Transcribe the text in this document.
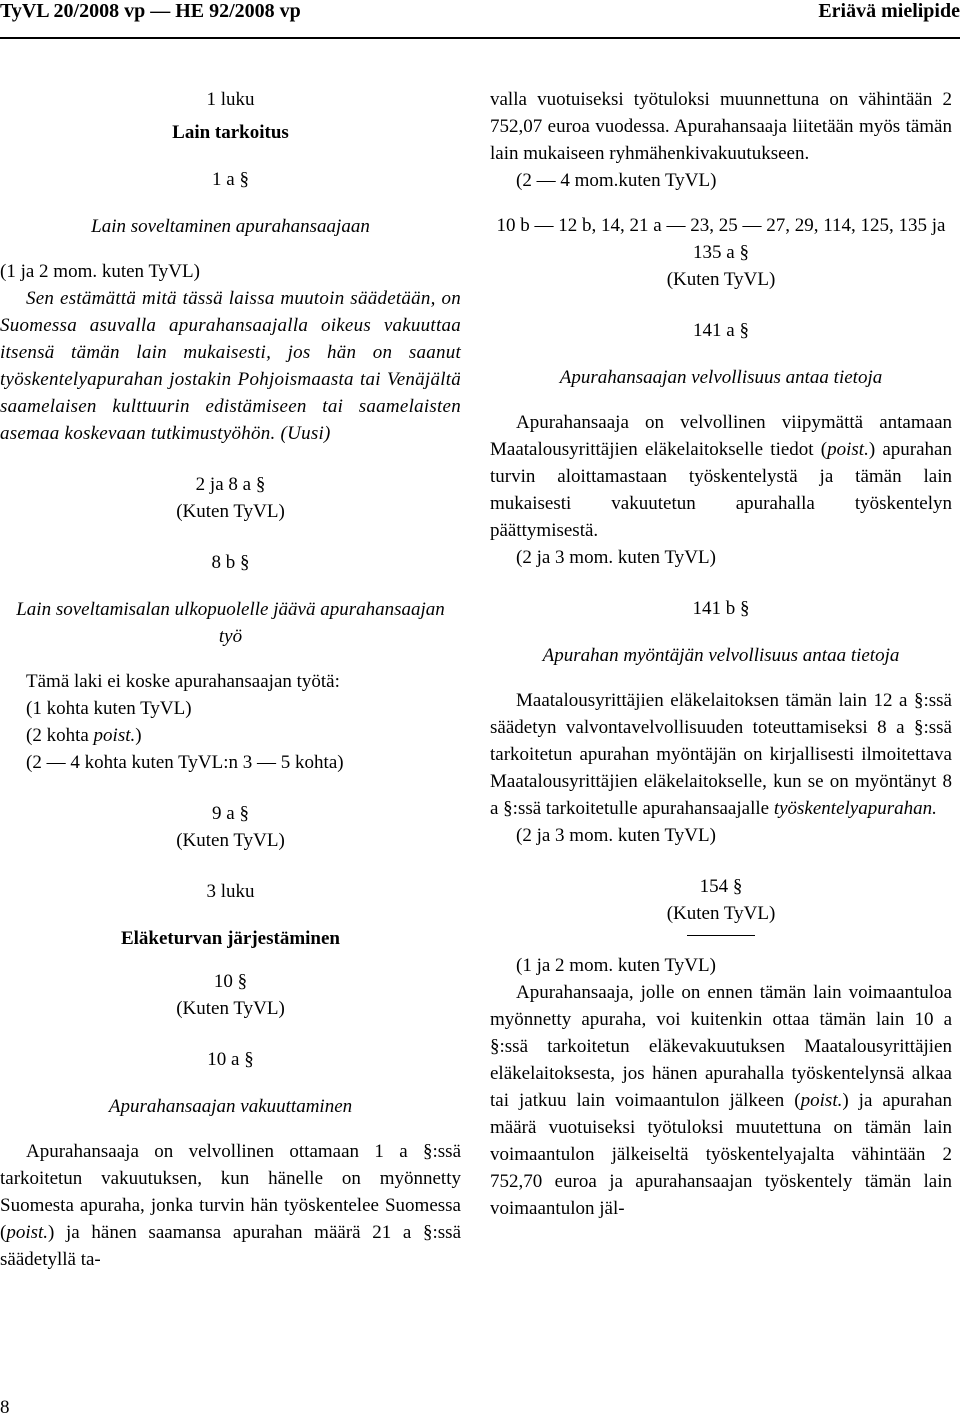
TyVL 20/2008 vp — HE 92/2008 vp	Eriävä mielipide
1 luku
Lain tarkoitus
1 a §
Lain soveltaminen apurahansaajaan
(1 ja 2 mom. kuten TyVL)
Sen estämättä mitä tässä laissa muutoin säädetään, on Suomessa asuvalla apurahansaajalla oikeus vakuuttaa itsensä tämän lain mukaisesti, jos hän on saanut työskentelyapurahan jostakin Pohjoismaasta tai Venäjältä saamelaisen kulttuurin edistämiseen tai saamelaisten asemaa koskevaan tutkimustyöhön. (Uusi)
2 ja 8 a §
(Kuten TyVL)
8 b §
Lain soveltamisalan ulkopuolelle jäävä apurahansaajan työ
Tämä laki ei koske apurahansaajan työtä:
(1 kohta kuten TyVL)
(2 kohta poist.)
(2 — 4 kohta kuten TyVL:n 3 — 5 kohta)
9 a §
(Kuten TyVL)
3 luku
Eläketurvan järjestäminen
10 §
(Kuten TyVL)
10 a §
Apurahansaajan vakuuttaminen
Apurahansaaja on velvollinen ottamaan 1 a §:ssä tarkoitetun vakuutuksen, kun hänelle on myönnetty Suomesta apuraha, jonka turvin hän työskentelee Suomessa (poist.) ja hänen saamansa apurahan määrä 21 a §:ssä säädetyllä ta-
valla vuotuiseksi työtuloksi muunnettuna on vähintään 2 752,07 euroa vuodessa. Apurahansaaja liitetään myös tämän lain mukaiseen ryhmähenkivakuutukseen.
(2 — 4 mom.kuten TyVL)
10 b — 12 b, 14, 21 a — 23, 25 — 27, 29, 114, 125, 135 ja 135 a §
(Kuten TyVL)
141 a §
Apurahansaajan velvollisuus antaa tietoja
Apurahansaaja on velvollinen viipymättä antamaan Maatalousyrittäjien eläkelaitokselle tiedot (poist.) apurahan turvin aloittamastaan työskentelystä ja tämän lain mukaisesti vakuutetun apurahalla työskentelyn päättymisestä.
(2 ja 3 mom. kuten TyVL)
141 b §
Apurahan myöntäjän velvollisuus antaa tietoja
Maatalousyrittäjien eläkelaitoksen tämän lain 12 a §:ssä säädetyn valvontavelvollisuuden toteuttamiseksi 8 a §:ssä tarkoitetun apurahan myöntäjän on kirjallisesti ilmoitettava Maatalousyrittäjien eläkelaitokselle, kun se on myöntänyt 8 a §:ssä tarkoitetulle apurahansaajalle työskentelyapurahan.
(2 ja 3 mom. kuten TyVL)
154 §
(Kuten TyVL)
(1 ja 2 mom. kuten TyVL)
Apurahansaaja, jolle on ennen tämän lain voimaantuloa myönnetty apuraha, voi kuitenkin ottaa tämän lain 10 a §:ssä tarkoitetun eläkevakuutuksen Maatalousyrittäjien eläkelaitoksesta, jos hänen apurahalla työskentelynsä alkaa tai jatkuu lain voimaantulon jälkeen (poist.) ja apurahan määrä vuotuiseksi työtuloksi muutettuna on tämän lain voimaantulon jälkeiseltä työskentelyajalta vähintään 2 752,70 euroa ja apurahansaajan työskentely tämän lain voimaantulon jäl-
8
